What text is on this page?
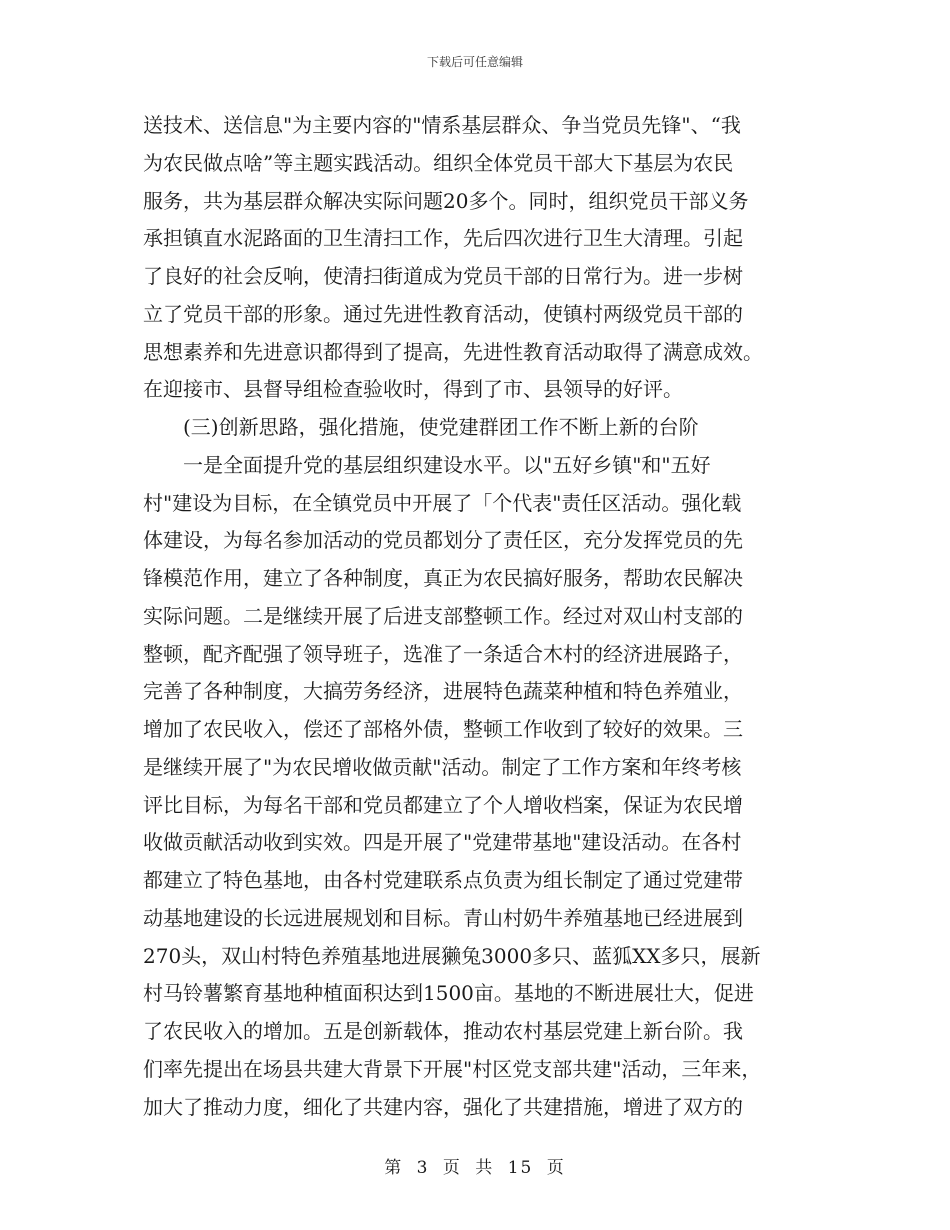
下载后可任意编辑
送技术、送信息"为主要内容的"情系基层群众、争当党员先锋"、“我
为农民做点啥”等主题实践活动。组织全体党员干部大下基层为农民
服务，共为基层群众解决实际问题20多个。同时，组织党员干部义务
承担镇直水泥路面的卫生清扫工作，先后四次进行卫生大清理。引起
了良好的社会反响，使清扫街道成为党员干部的日常行为。进一步树
立了党员干部的形象。通过先进性教育活动，使镇村两级党员干部的
思想素养和先进意识都得到了提高，先进性教育活动取得了满意成效。
在迎接市、县督导组检查验收时，得到了市、县领导的好评。
　　(三)创新思路，强化措施，使党建群团工作不断上新的台阶
　　一是全面提升党的基层组织建设水平。以"五好乡镇"和"五好
村"建设为目标，在全镇党员中开展了「个代表"责任区活动。强化载
体建设，为每名参加活动的党员都划分了责任区，充分发挥党员的先
锋模范作用，建立了各种制度，真正为农民搞好服务，帮助农民解决
实际问题。二是继续开展了后进支部整顿工作。经过对双山村支部的
整顿，配齐配强了领导班子，选准了一条适合木村的经济进展路子，
完善了各种制度，大搞劳务经济，进展特色蔬菜种植和特色养殖业，
增加了农民收入，偿还了部格外债，整顿工作收到了较好的效果。三
是继续开展了"为农民增收做贡献"活动。制定了工作方案和年终考核
评比目标，为每名干部和党员都建立了个人增收档案，保证为农民增
收做贡献活动收到实效。四是开展了"党建带基地"建设活动。在各村
都建立了特色基地，由各村党建联系点负责为组长制定了通过党建带
动基地建设的长远进展规划和目标。青山村奶牛养殖基地已经进展到
270头，双山村特色养殖基地进展獭兔3000多只、蓝狐XX多只，展新
村马铃薯繁育基地种植面积达到1500亩。基地的不断进展壮大，促进
了农民收入的增加。五是创新载体，推动农村基层党建上新台阶。我
们率先提出在场县共建大背景下开展"村区党支部共建"活动，三年来，
加大了推动力度，细化了共建内容，强化了共建措施，增进了双方的
第 3 页 共 15 页
